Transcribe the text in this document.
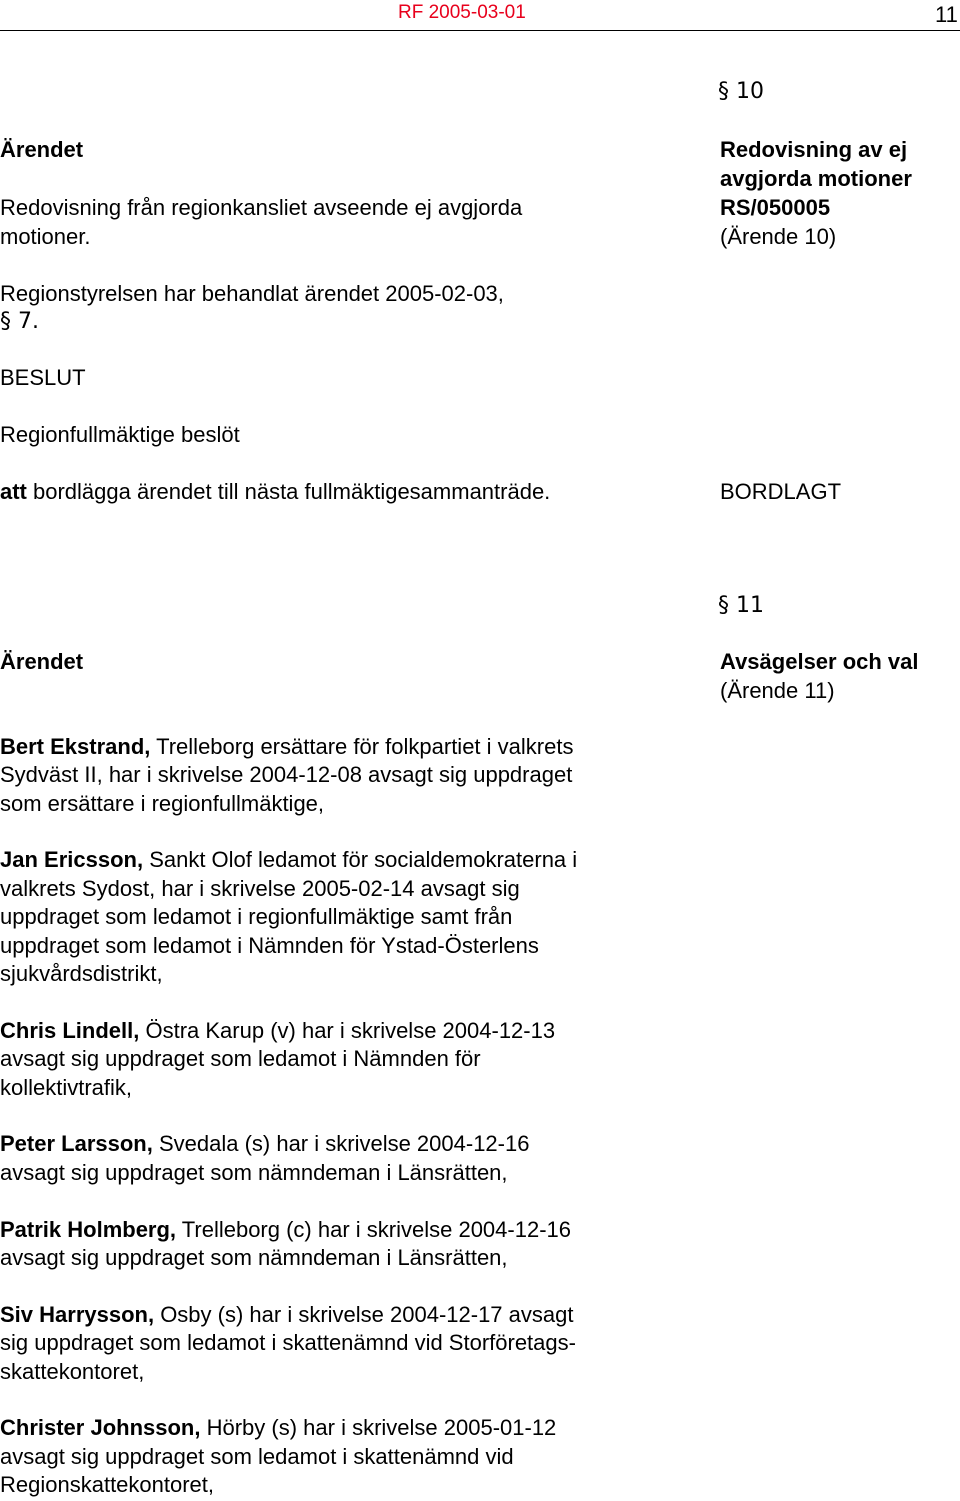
RF 2005-03-01	11
§ 10
Redovisning av ej
avgjorda motioner
RS/050005
(Ärende 10)
Ärendet
Redovisning från regionkansliet avseende ej avgjorda
motioner.
Regionstyrelsen har behandlat ärendet 2005-02-03,
§ 7.
BESLUT
Regionfullmäktige beslöt
att bordlägga ärendet till nästa fullmäktigesammanträde.	BORDLAGT
§ 11
Ärendet	Avsägelser och val
(Ärende 11)
Bert Ekstrand, Trelleborg ersättare för folkpartiet i valkrets
Sydväst II, har i skrivelse 2004-12-08 avsagt sig uppdraget
som ersättare i regionfullmäktige,
Jan Ericsson, Sankt Olof ledamot för socialdemokraterna i
valkrets Sydost, har i skrivelse 2005-02-14 avsagt sig
uppdraget som ledamot i regionfullmäktige samt från
uppdraget som ledamot i Nämnden för Ystad-Österlens
sjukvårdsdistrikt,
Chris Lindell, Östra Karup (v) har i skrivelse 2004-12-13
avsagt sig uppdraget som ledamot i Nämnden för
kollektivtrafik,
Peter Larsson, Svedala (s) har i skrivelse 2004-12-16
avsagt sig uppdraget som nämndeman i Länsrätten,
Patrik Holmberg, Trelleborg (c) har i skrivelse 2004-12-16
avsagt sig uppdraget som nämndeman i Länsrätten,
Siv Harrysson, Osby (s) har i skrivelse 2004-12-17 avsagt
sig uppdraget som ledamot i skattenämnd vid Storföretags-
skattekontoret,
Christer Johnsson, Hörby (s) har i skrivelse 2005-01-12
avsagt sig uppdraget som ledamot i skattenämnd vid
Regionskattekontoret,
